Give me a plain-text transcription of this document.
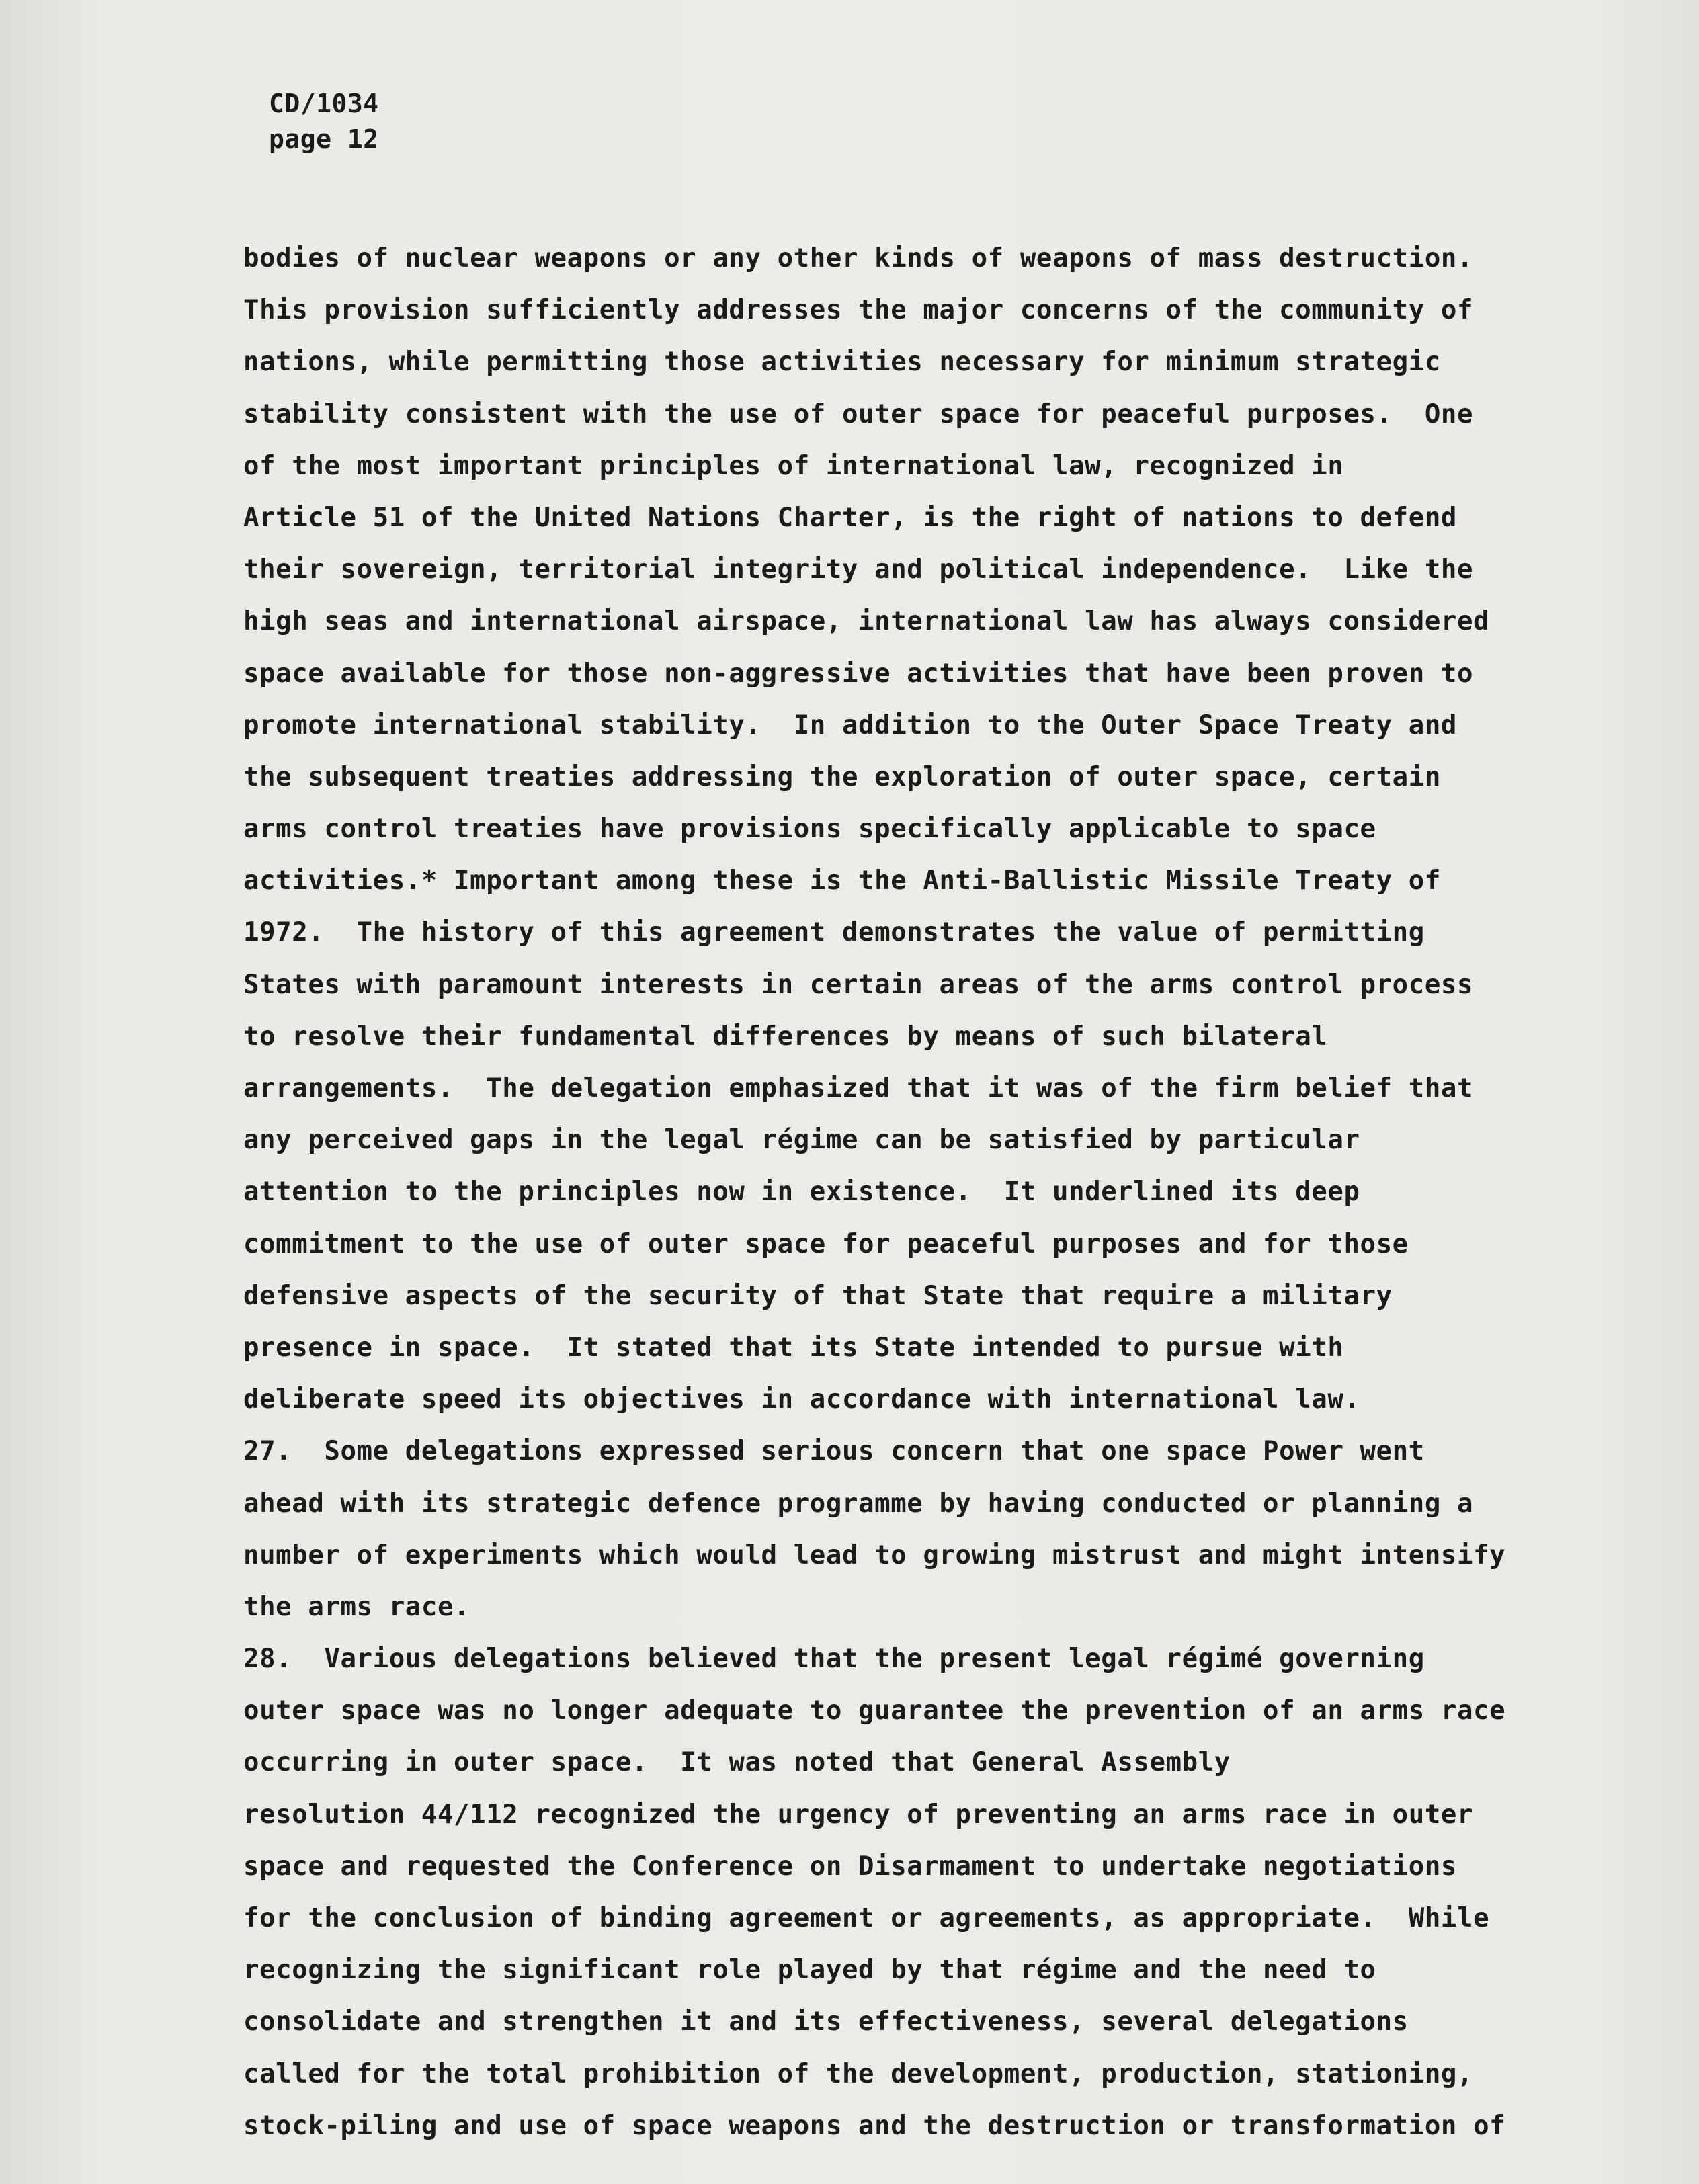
CD/1034
page 12
bodies of nuclear weapons or any other kinds of weapons of mass destruction.
This provision sufficiently addresses the major concerns of the community of
nations, while permitting those activities necessary for minimum strategic
stability consistent with the use of outer space for peaceful purposes.  One
of the most important principles of international law, recognized in
Article 51 of the United Nations Charter, is the right of nations to defend
their sovereign, territorial integrity and political independence.  Like the
high seas and international airspace, international law has always considered
space available for those non-aggressive activities that have been proven to
promote international stability.  In addition to the Outer Space Treaty and
the subsequent treaties addressing the exploration of outer space, certain
arms control treaties have provisions specifically applicable to space
activities.* Important among these is the Anti-Ballistic Missile Treaty of
1972.  The history of this agreement demonstrates the value of permitting
States with paramount interests in certain areas of the arms control process
to resolve their fundamental differences by means of such bilateral
arrangements.  The delegation emphasized that it was of the firm belief that
any perceived gaps in the legal régime can be satisfied by particular
attention to the principles now in existence.  It underlined its deep
commitment to the use of outer space for peaceful purposes and for those
defensive aspects of the security of that State that require a military
presence in space.  It stated that its State intended to pursue with
deliberate speed its objectives in accordance with international law.
27.  Some delegations expressed serious concern that one space Power went
ahead with its strategic defence programme by having conducted or planning a
number of experiments which would lead to growing mistrust and might intensify
the arms race.
28.  Various delegations believed that the present legal régimé governing
outer space was no longer adequate to guarantee the prevention of an arms race
occurring in outer space.  It was noted that General Assembly
resolution 44/112 recognized the urgency of preventing an arms race in outer
space and requested the Conference on Disarmament to undertake negotiations
for the conclusion of binding agreement or agreements, as appropriate.  While
recognizing the significant role played by that régime and the need to
consolidate and strengthen it and its effectiveness, several delegations
called for the total prohibition of the development, production, stationing,
stock-piling and use of space weapons and the destruction or transformation of
